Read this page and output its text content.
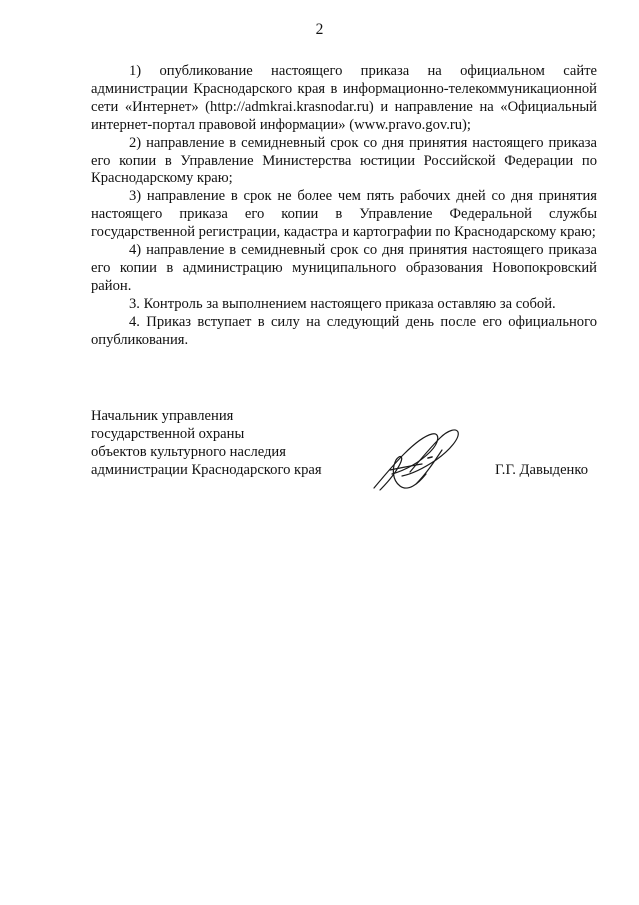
2

1) опубликование настоящего приказа на официальном сайте администрации Краснодарского края в информационно-телекоммуникационной сети «Интернет» (http://admkrai.krasnodar.ru) и направление на «Официальный интернет-портал правовой информации» (www.pravo.gov.ru);

2) направление в семидневный срок со дня принятия настоящего приказа его копии в Управление Министерства юстиции Российской Федерации по Краснодарскому краю;

3) направление в срок не более чем пять рабочих дней со дня принятия настоящего приказа его копии в Управление Федеральной службы государственной регистрации, кадастра и картографии по Краснодарскому краю;

4) направление в семидневный срок со дня принятия настоящего приказа его копии в администрацию муниципального образования Новопокровский район.

3. Контроль за выполнением настоящего приказа оставляю за собой.

4. Приказ вступает в силу на следующий день после его официального опубликования.

Начальник управления
государственной охраны
объектов культурного наследия
администрации Краснодарского края	Г.Г. Давыденко
